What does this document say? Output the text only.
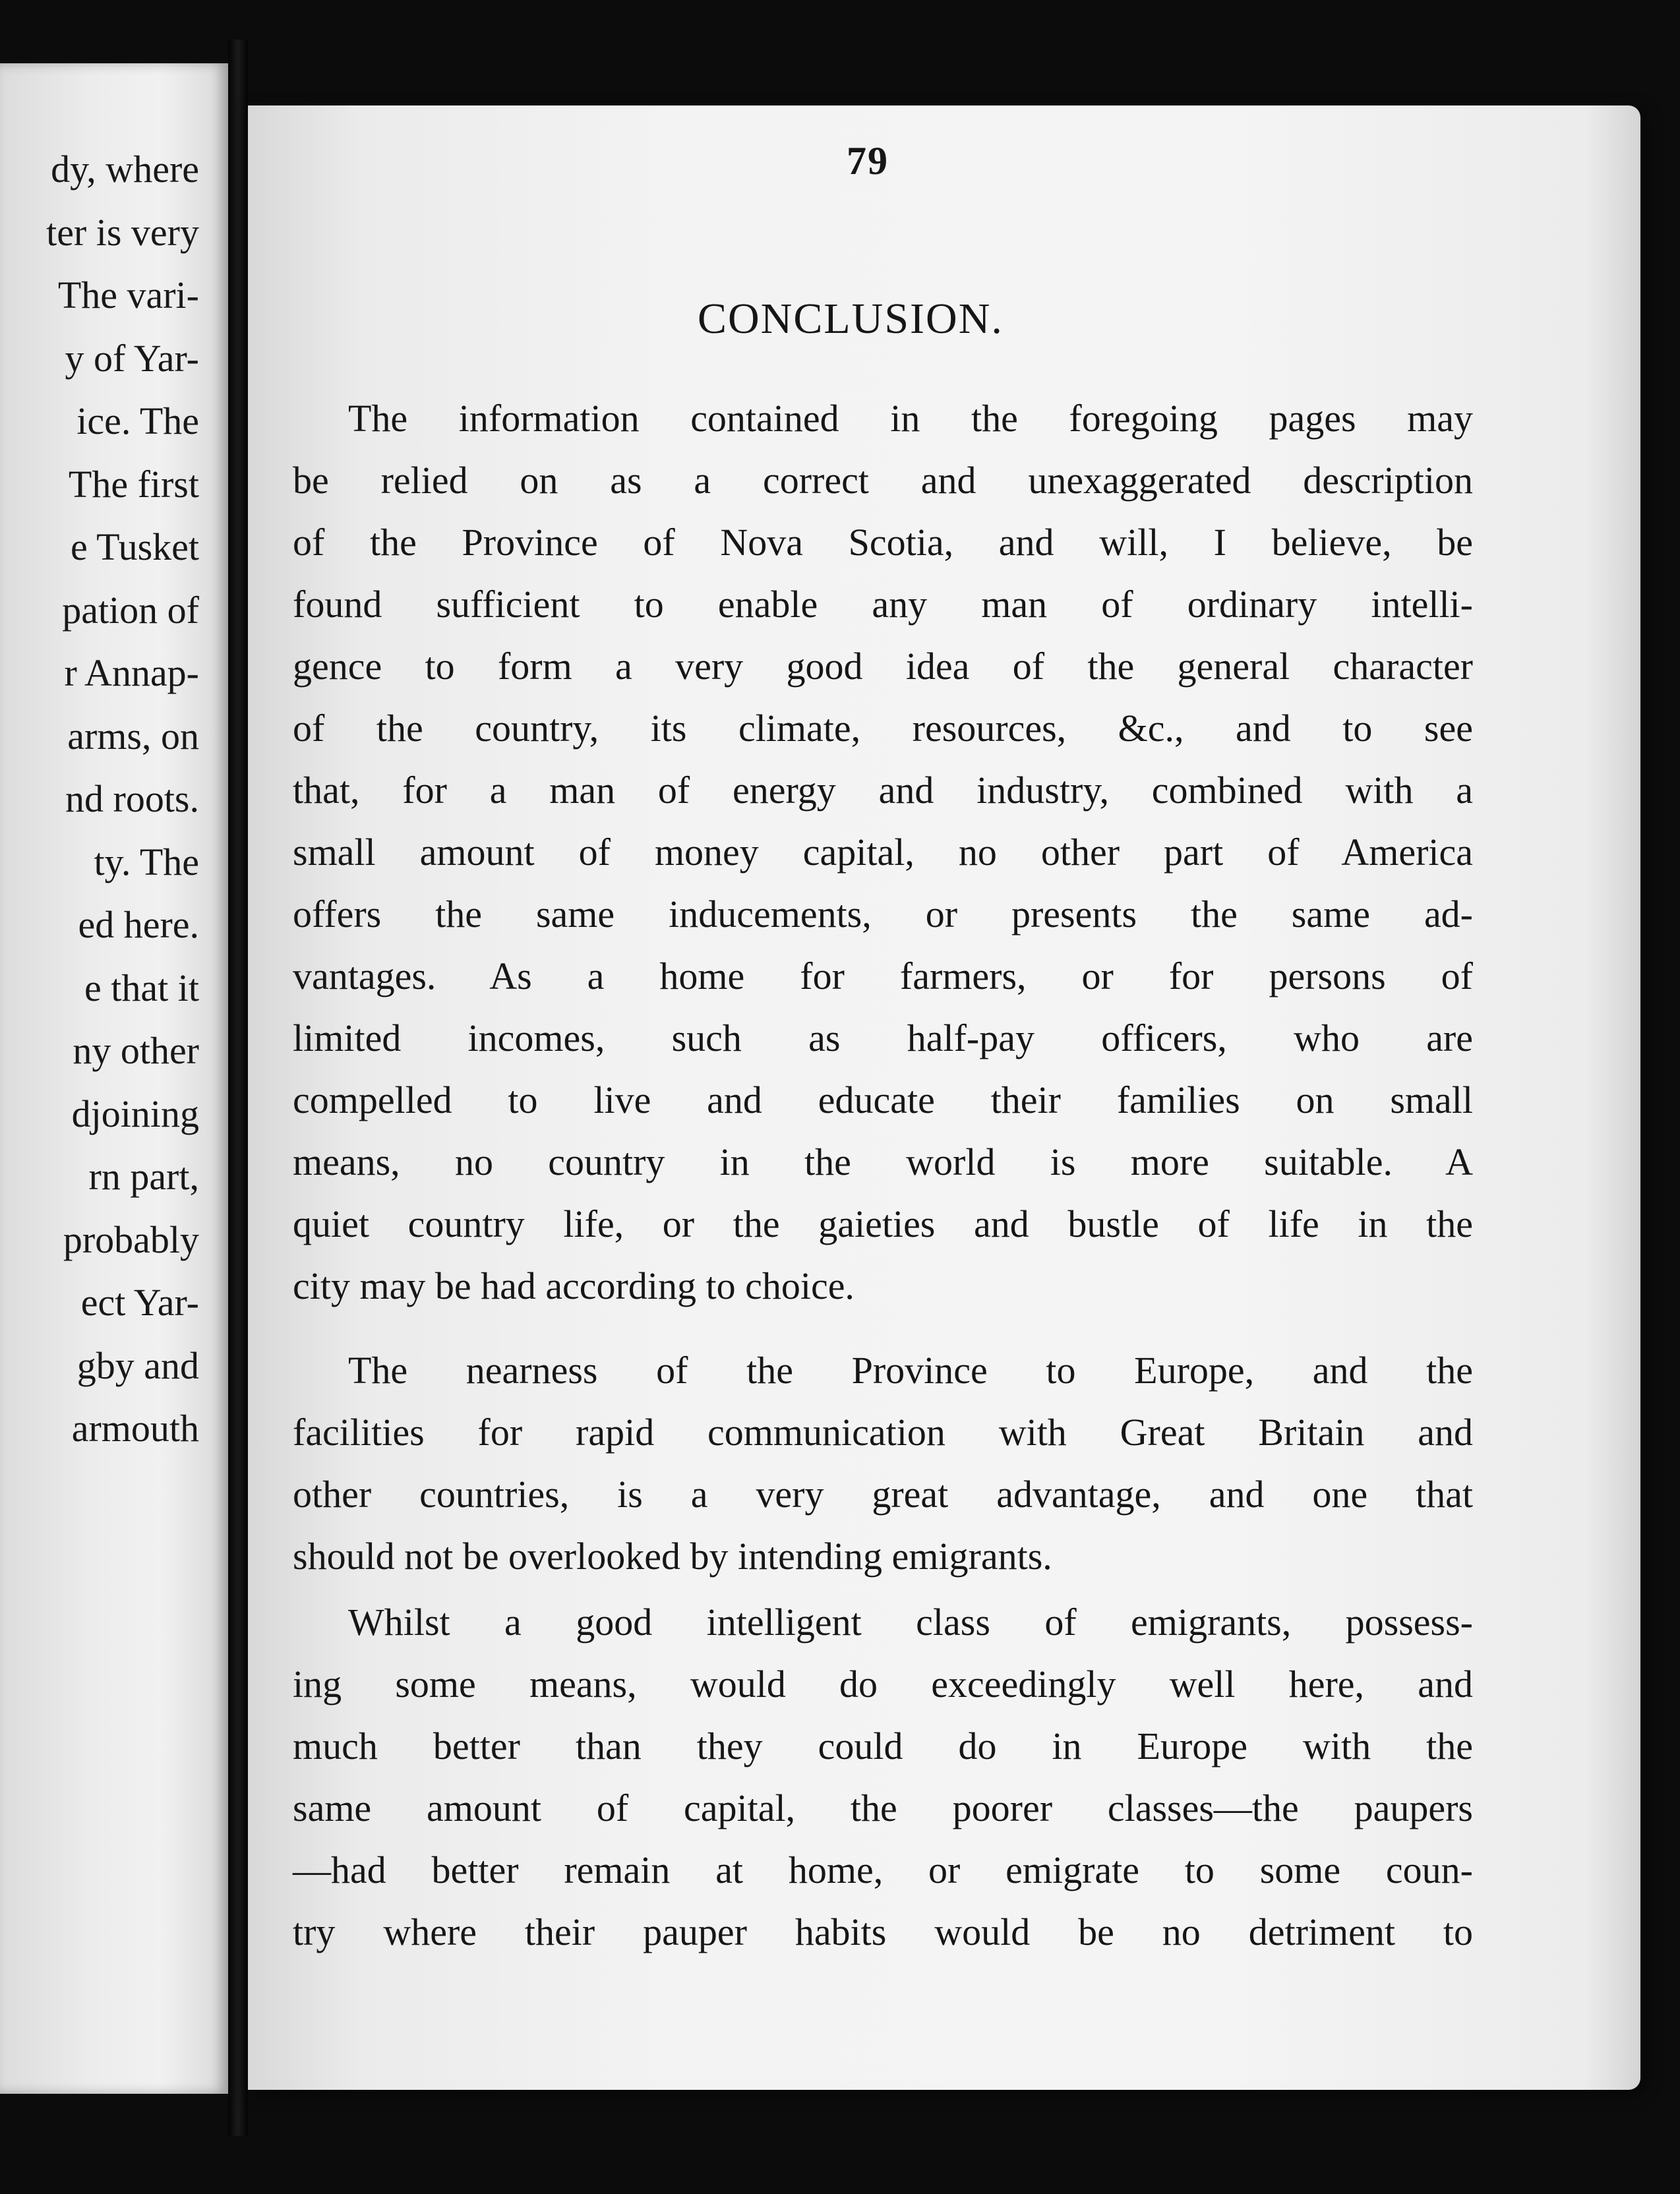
dy, where
ter is very
The vari-
y of Yar-
ice. The
The first
e Tusket
pation of
r Annap-
arms, on
nd roots.
ty. The
ed here.
e that it
ny other
djoining
rn part,
probably
ect Yar-
gby and
armouth
79
CONCLUSION.
The information contained in the foregoing pages may
be relied on as a correct and unexaggerated description
of the Province of Nova Scotia, and will, I believe, be
found sufficient to enable any man of ordinary intelli-
gence to form a very good idea of the general character
of the country, its climate, resources, &c., and to see
that, for a man of energy and industry, combined with a
small amount of money capital, no other part of America
offers the same inducements, or presents the same ad-
vantages. As a home for farmers, or for persons of
limited incomes, such as half-pay officers, who are
compelled to live and educate their families on small
means, no country in the world is more suitable. A
quiet country life, or the gaieties and bustle of life in the
city may be had according to choice.
The nearness of the Province to Europe, and the
facilities for rapid communication with Great Britain and
other countries, is a very great advantage, and one that
should not be overlooked by intending emigrants.
Whilst a good intelligent class of emigrants, possess-
ing some means, would do exceedingly well here, and
much better than they could do in Europe with the
same amount of capital, the poorer classes—the paupers
—had better remain at home, or emigrate to some coun-
try where their pauper habits would be no detriment to
